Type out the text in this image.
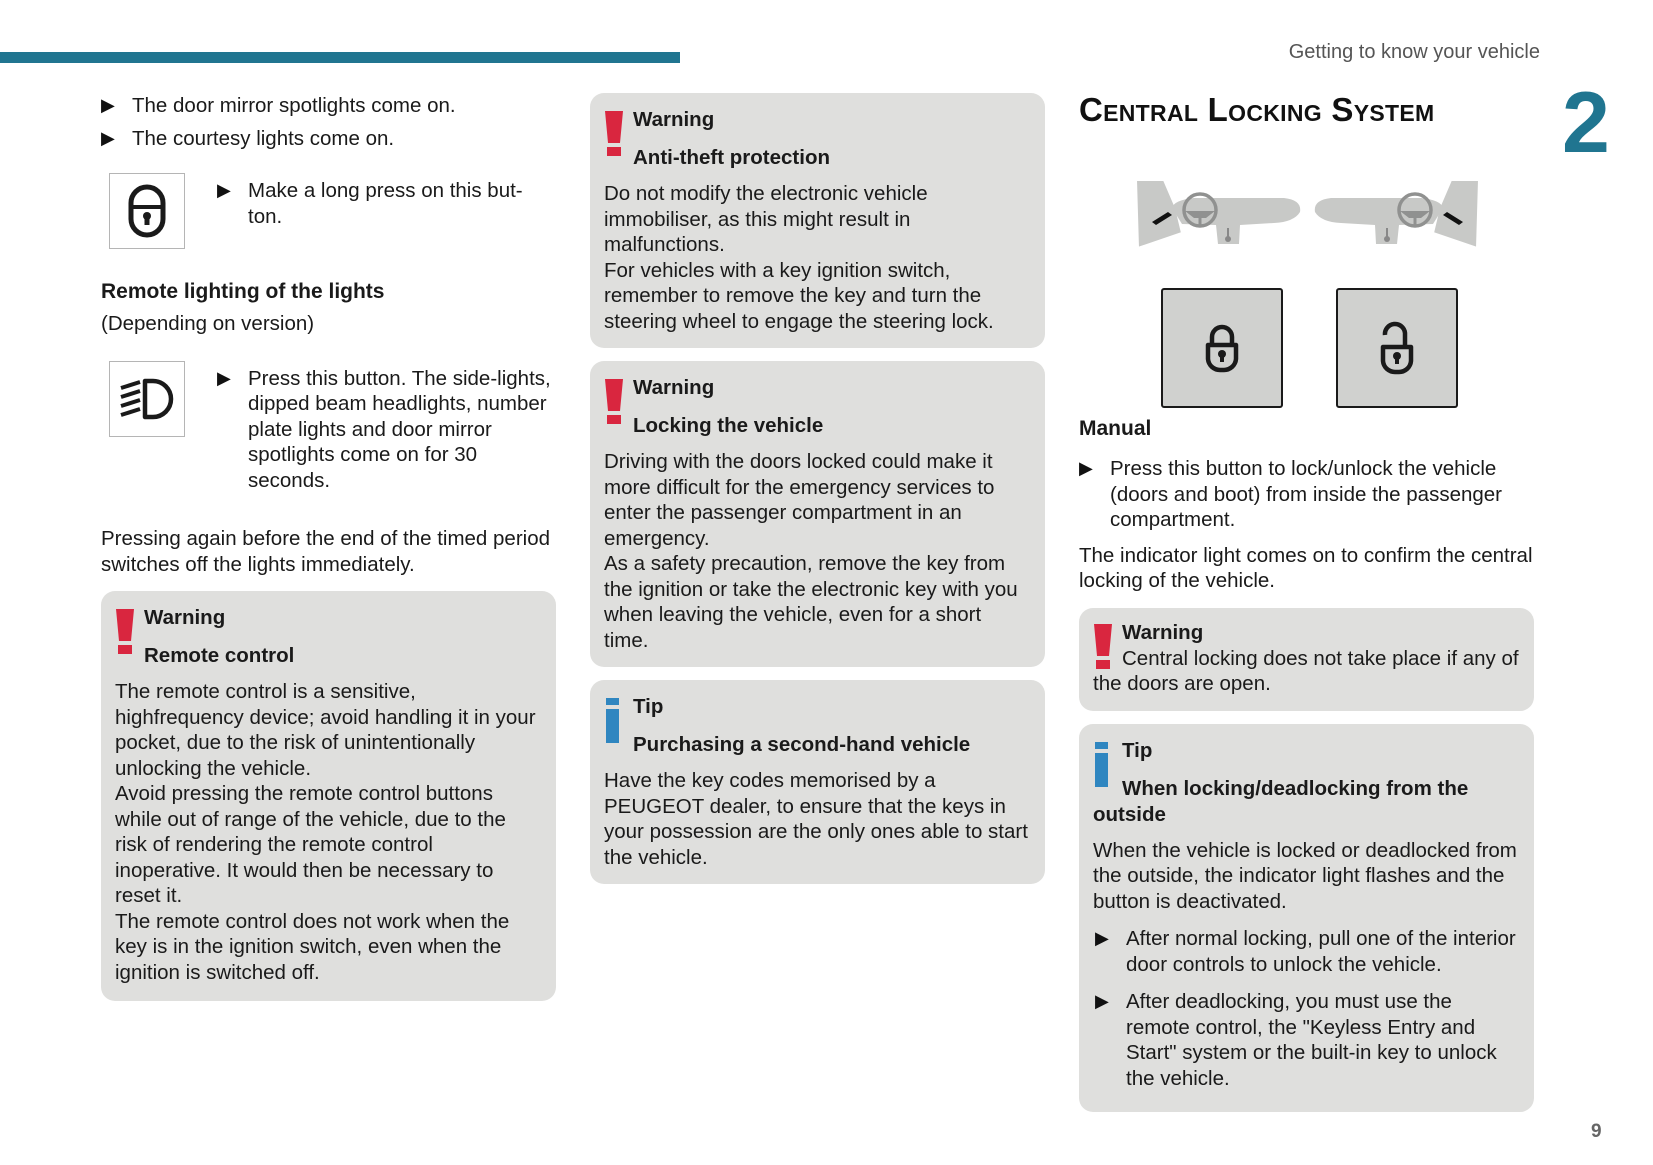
Getting to know your vehicle
2
9
▶ The door mirror spotlights come on.
▶ The courtesy lights come on.
▶ Make a long press on this but-ton.
Remote lighting of the lights
(Depending on version)
▶ Press this button. The side-lights, dipped beam headlights, number plate lights and door mirror spotlights come on for 30 seconds.

Pressing again before the end of the timed period switches off the lights immediately.

Warning
Remote control

The remote control is a sensitive, highfrequency device; avoid handling it in your pocket, due to the risk of unintentionally unlocking the vehicle.

Avoid pressing the remote control buttons while out of range of the vehicle, due to the risk of rendering the remote control inoperative. It would then be necessary to reset it.

The remote control does not work when the key is in the ignition switch, even when the ignition is switched off.

Warning
Anti-theft protection

Do not modify the electronic vehicle immobiliser, as this might result in malfunctions.

For vehicles with a key ignition switch, remember to remove the key and turn the steering wheel to engage the steering lock.

Warning
Locking the vehicle

Driving with the doors locked could make it more difficult for the emergency services to enter the passenger compartment in an emergency.

As a safety precaution, remove the key from the ignition or take the electronic key with you when leaving the vehicle, even for a short time.

Tip
Purchasing a second-hand vehicle

Have the key codes memorised by a PEUGEOT dealer, to ensure that the keys in your possession are the only ones able to start the vehicle.

Central Locking System
Manual
▶ Press this button to lock/unlock the vehicle (doors and boot) from inside the passenger compartment.

The indicator light comes on to confirm the central locking of the vehicle.

Warning

Central locking does not take place if any of the doors are open.

Tip
When locking/deadlocking from the outside

When the vehicle is locked or deadlocked from the outside, the indicator light flashes and the button is deactivated.

▶ After normal locking, pull one of the interior door controls to unlock the vehicle.
▶ After deadlocking, you must use the remote control, the "Keyless Entry and Start" system or the built-in key to unlock the vehicle.
